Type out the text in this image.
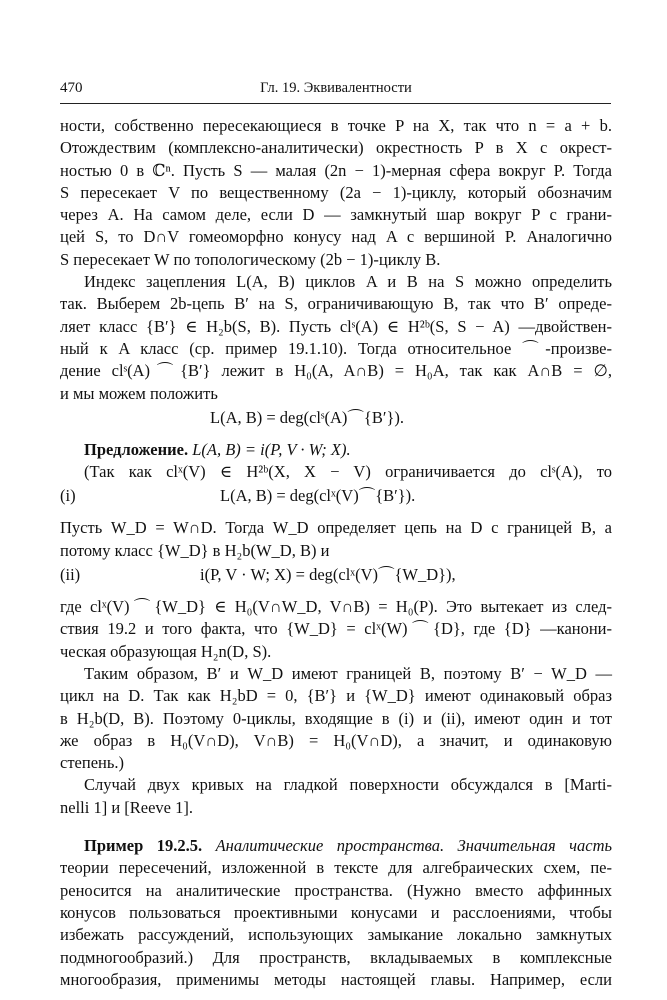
470	Гл. 19. Эквивалентности
ности, собственно пересекающиеся в точке P на X, так что n = a + b.
Отождествим (комплексно-аналитически) окрестность P в X с окрест-
ностью 0 в ℂⁿ. Пусть S — малая (2n − 1)-мерная сфера вокруг P. Тогда
S пересекает V по вещественному (2a − 1)-циклу, который обозначим
через A. На самом деле, если D — замкнутый шар вокруг P с грани-
цей S, то D∩V гомеоморфно конусу над A с вершиной P. Аналогично
S пересекает W по топологическому (2b − 1)-циклу B.
Индекс зацепления L(A, B) циклов A и B на S можно определить
так. Выберем 2b-цепь B′ на S, ограничивающую B, так что B′ опреде-
ляет класс {B′} ∈ H₂b(S, B). Пусть clˢ(A) ∈ H²ᵇ(S, S − A) —двойствен-
ный к A класс (ср. пример 19.1.10). Тогда относительное ⌒-произве-
дение clˢ(A)⌒{B′} лежит в H₀(A, A∩B) = H₀A, так как A∩B = ∅,
и мы можем положить
L(A, B) = deg(clˢ(A)⌒{B′}).
Предложение. L(A, B) = i(P, V · W; X).
(Так как clˣ(V) ∈ H²ᵇ(X, X − V) ограничивается до clˢ(A), то
(i)	L(A, B) = deg(clˣ(V)⌒{B′}).
Пусть W_D = W∩D. Тогда W_D определяет цепь на D с границей B, а
потому класс {W_D} в H₂b(W_D, B) и
(ii)	i(P, V · W; X) = deg(clˣ(V)⌒{W_D}),
где clˣ(V)⌒{W_D} ∈ H₀(V∩W_D, V∩B) = H₀(P). Это вытекает из след-
ствия 19.2 и того факта, что {W_D} = clˣ(W)⌒{D}, где {D} —канони-
ческая образующая H₂n(D, S).
Таким образом, B′ и W_D имеют границей B, поэтому B′ − W_D —
цикл на D. Так как H₂bD = 0, {B′} и {W_D} имеют одинаковый образ
в H₂b(D, B). Поэтому 0-циклы, входящие в (i) и (ii), имеют один и тот
же образ в H₀(V∩D), V∩B) = H₀(V∩D), а значит, и одинаковую
степень.)
Случай двух кривых на гладкой поверхности обсуждался в [Marti-
nelli 1] и [Reeve 1].
Пример 19.2.5. Аналитические пространства. Значительная часть
теории пересечений, изложенной в тексте для алгебраических схем, пе-
реносится на аналитические пространства. (Нужно вместо аффинных
конусов пользоваться проективными конусами и расслоениями, чтобы
избежать рассуждений, использующих замыкание локально замкнутых
подмногообразий.) Для пространств, вкладываемых в комплексные
многообразия, применимы методы настоящей главы. Например, если
